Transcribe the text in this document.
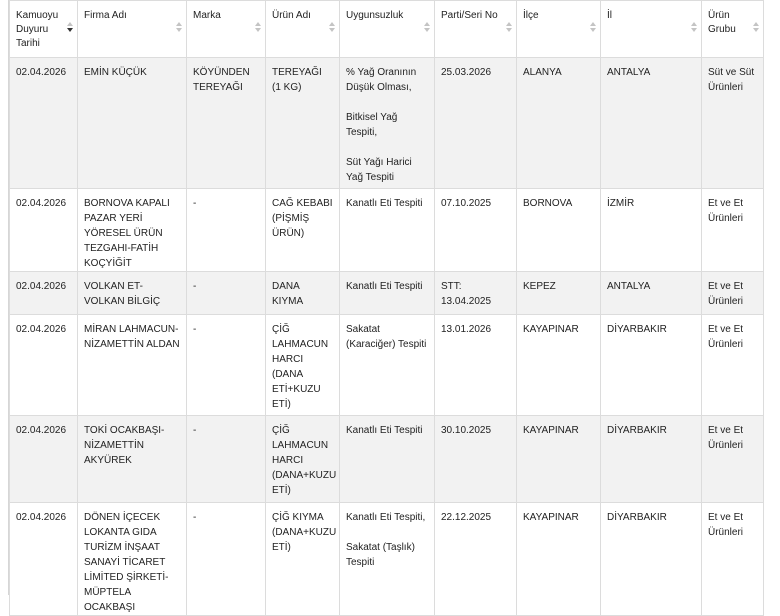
Kamuoyu Duyuru Tarihi	Firma Adı	Marka	Ürün Adı	Uygunsuzluk	Parti/Seri No	İlçe	İl	Ürün Grubu

02.04.2026	EMİN KÜÇÜK	KÖYÜNDEN TEREYAĞI	TEREYAĞI (1 KG)	% Yağ Oranının Düşük Olması,
Bitkisel Yağ Tespiti,
Süt Yağı Harici Yağ Tespiti	25.03.2026	ALANYA	ANTALYA	Süt ve Süt Ürünleri
02.04.2026	BORNOVA KAPALI PAZAR YERİ YÖRESEL ÜRÜN TEZGAHI-FATİH KOÇYİĞİT	-	CAĞ KEBABI (PİŞMİŞ ÜRÜN)	Kanatlı Eti Tespiti	07.10.2025	BORNOVA	İZMİR	Et ve Et Ürünleri
02.04.2026	VOLKAN ET-VOLKAN BİLGİÇ	-	DANA KIYMA	Kanatlı Eti Tespiti	STT: 13.04.2025	KEPEZ	ANTALYA	Et ve Et Ürünleri
02.04.2026	MİRAN LAHMACUN-NİZAMETTİN ALDAN	-	ÇİĞ LAHMACUN HARCI (DANA ETİ+KUZU ETİ)	Sakatat (Karaciğer) Tespiti	13.01.2026	KAYAPINAR	DİYARBAKIR	Et ve Et Ürünleri
02.04.2026	TOKİ OCAKBAŞI-NİZAMETTİN AKYÜREK	-	ÇİĞ LAHMACUN HARCI (DANA+KUZU ETİ)	Kanatlı Eti Tespiti	30.10.2025	KAYAPINAR	DİYARBAKIR	Et ve Et Ürünleri
02.04.2026	DÖNEN İÇECEK LOKANTA GIDA TURİZM İNŞAAT SANAYİ TİCARET LİMİTED ŞİRKETİ-MÜPTELA OCAKBAŞI	-	ÇİĞ KIYMA (DANA+KUZU ETİ)	Kanatlı Eti Tespiti,
Sakatat (Taşlık) Tespiti	22.12.2025	KAYAPINAR	DİYARBAKIR	Et ve Et Ürünleri
